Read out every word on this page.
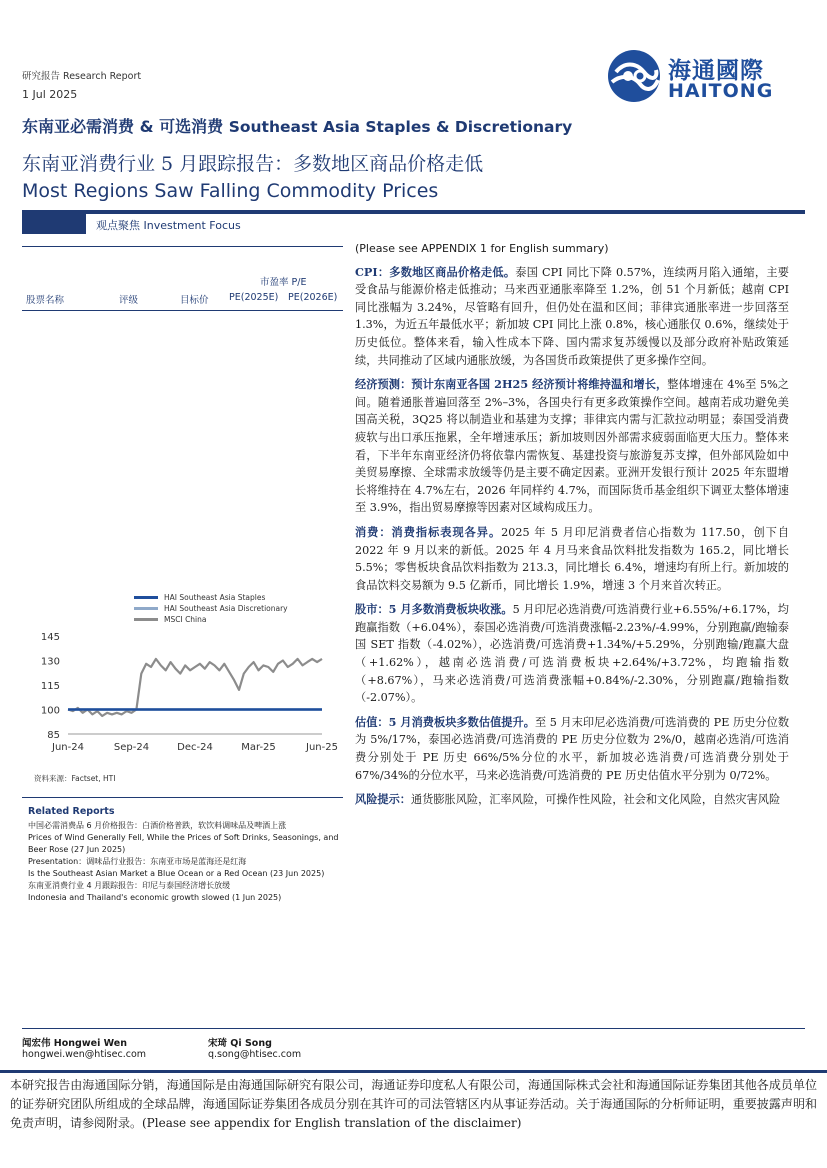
研究报告 Research Report
1 Jul 2025
海通國際
HAITONG
东南亚必需消费 & 可选消费 Southeast Asia Staples & Discretionary
东南亚消费行业 5 月跟踪报告：多数地区商品价格走低
Most Regions Saw Falling Commodity Prices
观点聚焦 Investment Focus
市盈率 P/E
股票名称	评级	目标价 PE(2025E) PE(2026E)
HAI Southeast Asia Staples
HAI Southeast Asia Discretionary
MSCI China
85
100
115
130
145
Jun-24	Sep-24	Dec-24	Mar-25	Jun-25
资料来源：Factset, HTI
Related Reports
中国必需消费品 6 月价格报告：白酒价格普跌，软饮料调味品及啤酒上涨
Prices of Wind Generally Fell, While the Prices of Soft Drinks, Seasonings, and Beer Rose (27 Jun 2025)
Presentation：调味品行业报告：东南亚市场是蓝海还是红海
Is the Southeast Asian Market a Blue Ocean or a Red Ocean (23 Jun 2025)
东南亚消费行业 4 月跟踪报告：印尼与泰国经济增长放缓
Indonesia and Thailand's economic growth slowed (1 Jun 2025)

(Please see APPENDIX 1 for English summary)

CPI：多数地区商品价格走低。泰国 CPI 同比下降 0.57%，连续两月陷入通缩，主要受食品与能源价格走低推动；马来西亚通胀率降至 1.2%，创 51 个月新低；越南 CPI 同比涨幅为 3.24%，尽管略有回升，但仍处在温和区间；菲律宾通胀率进一步回落至 1.3%，为近五年最低水平；新加坡 CPI 同比上涨 0.8%，核心通胀仅 0.6%，继续处于历史低位。整体来看，输入性成本下降、国内需求复苏缓慢以及部分政府补贴政策延续，共同推动了区域内通胀放缓，为各国货币政策提供了更多操作空间。

经济预测：预计东南亚各国 2H25 经济预计将维持温和增长，整体增速在 4%至 5%之间。随着通胀普遍回落至 2%–3%，各国央行有更多政策操作空间。越南若成功避免美国高关税，3Q25 将以制造业和基建为支撑；菲律宾内需与汇款拉动明显；泰国受消费疲软与出口承压拖累，全年增速承压；新加坡则因外部需求疲弱面临更大压力。整体来看，下半年东南亚经济仍将依靠内需恢复、基建投资与旅游复苏支撑，但外部风险如中美贸易摩擦、全球需求放缓等仍是主要不确定因素。亚洲开发银行预计 2025 年东盟增长将维持在 4.7%左右，2026 年同样约 4.7%，而国际货币基金组织下调亚太整体增速至 3.9%，指出贸易摩擦等因素对区域构成压力。

消费：消费指标表现各异。2025 年 5 月印尼消费者信心指数为 117.50，创下自 2022 年 9 月以来的新低。2025 年 4 月马来食品饮料批发指数为 165.2，同比增长 5.5%；零售板块食品饮料指数为 213.3，同比增长 6.4%，增速均有所上行。新加坡的食品饮料交易额为 9.5 亿新币，同比增长 1.9%，增速 3 个月来首次转正。

股市：5 月多数消费板块收涨。5 月印尼必选消费/可选消费行业+6.55%/+6.17%，均跑赢指数（+6.04%），泰国必选消费/可选消费涨幅-2.23%/-4.99%，分别跑赢/跑输泰国 SET 指数（-4.02%），必选消费/可选消费+1.34%/+5.29%，分别跑输/跑赢大盘（+1.62%），越南必选消费/可选消费板块+2.64%/+3.72%，均跑输指数（+8.67%），马来必选消费/可选消费涨幅+0.84%/-2.30%，分别跑赢/跑输指数（-2.07%）。

估值：5 月消费板块多数估值提升。至 5 月末印尼必选消费/可选消费的 PE 历史分位数为 5%/17%，泰国必选消费/可选消费的 PE 历史分位数为 2%/0，越南必选消/可选消费分别处于 PE 历史 66%/5%分位的水平，新加坡必选消费/可选消费分别处于 67%/34%的分位水平，马来必选消费/可选消费的 PE 历史估值水平分别为 0/72%。

风险提示：通货膨胀风险，汇率风险，可操作性风险，社会和文化风险，自然灾害风险

闻宏伟 Hongwei Wen
hongwei.wen@htisec.com
宋琦 Qi Song
q.song@htisec.com
本研究报告由海通国际分销，海通国际是由海通国际研究有限公司，海通证券印度私人有限公司，海通国际株式会社和海通国际证券集团其他各成员单位的证券研究团队所组成的全球品牌，海通国际证券集团各成员分别在其许可的司法管辖区内从事证券活动。关于海通国际的分析师证明，重要披露声明和免责声明，请参阅附录。(Please see appendix for English translation of the disclaimer)
